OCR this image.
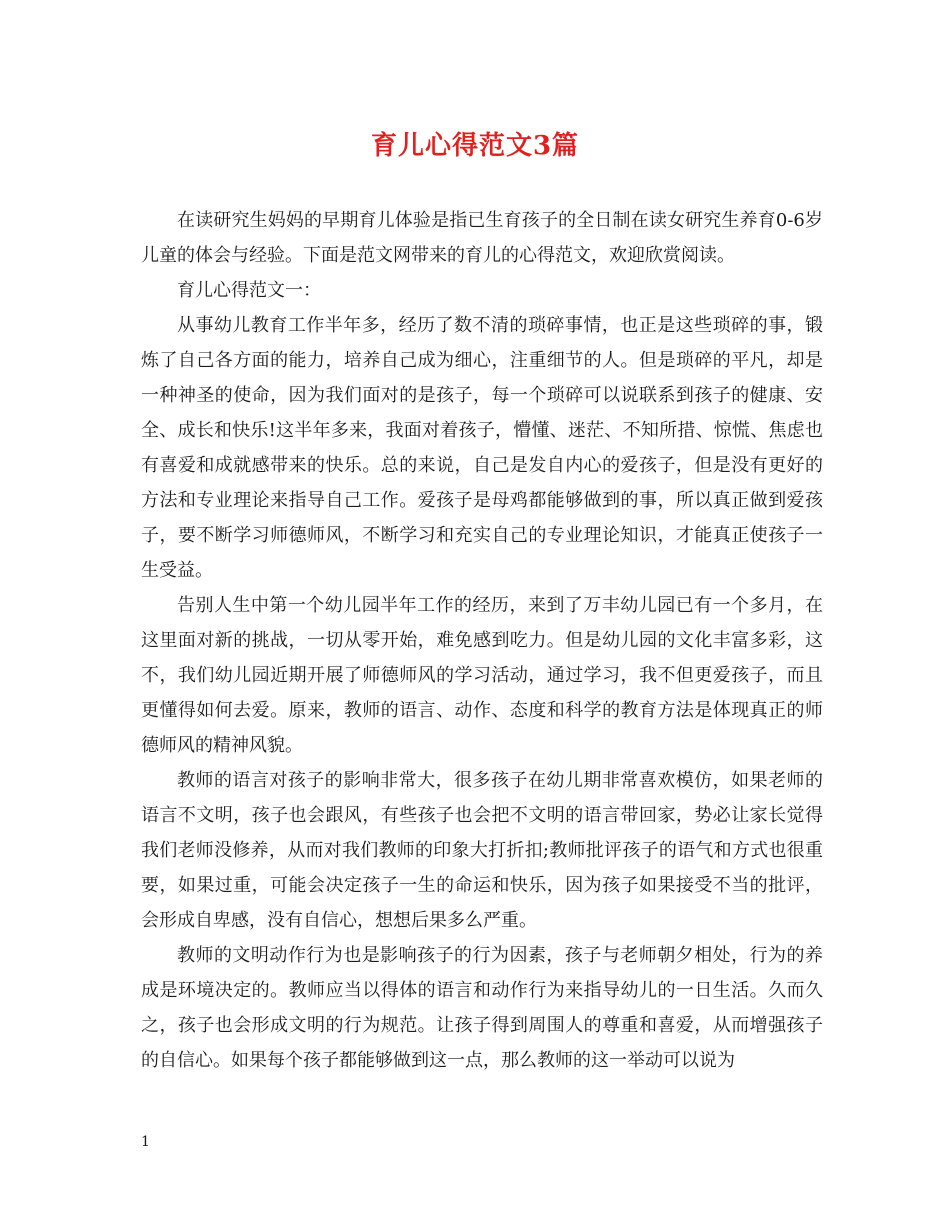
育儿心得范文3篇

在读研究生妈妈的早期育儿体验是指已生育孩子的全日制在读女研究生养育0-6岁儿童的体会与经验。下面是范文网带来的育儿的心得范文，欢迎欣赏阅读。

育儿心得范文一：

从事幼儿教育工作半年多，经历了数不清的琐碎事情，也正是这些琐碎的事，锻炼了自己各方面的能力，培养自己成为细心，注重细节的人。但是琐碎的平凡，却是一种神圣的使命，因为我们面对的是孩子，每一个琐碎可以说联系到孩子的健康、安全、成长和快乐!这半年多来，我面对着孩子，懵懂、迷茫、不知所措、惊慌、焦虑也有喜爱和成就感带来的快乐。总的来说，自己是发自内心的爱孩子，但是没有更好的方法和专业理论来指导自己工作。爱孩子是母鸡都能够做到的事，所以真正做到爱孩子，要不断学习师德师风，不断学习和充实自己的专业理论知识，才能真正使孩子一生受益。

告别人生中第一个幼儿园半年工作的经历，来到了万丰幼儿园已有一个多月，在这里面对新的挑战，一切从零开始，难免感到吃力。但是幼儿园的文化丰富多彩，这不，我们幼儿园近期开展了师德师风的学习活动，通过学习，我不但更爱孩子，而且更懂得如何去爱。原来，教师的语言、动作、态度和科学的教育方法是体现真正的师德师风的精神风貌。

教师的语言对孩子的影响非常大，很多孩子在幼儿期非常喜欢模仿，如果老师的语言不文明，孩子也会跟风，有些孩子也会把不文明的语言带回家，势必让家长觉得我们老师没修养，从而对我们教师的印象大打折扣;教师批评孩子的语气和方式也很重要，如果过重，可能会决定孩子一生的命运和快乐，因为孩子如果接受不当的批评，会形成自卑感，没有自信心，想想后果多么严重。

教师的文明动作行为也是影响孩子的行为因素，孩子与老师朝夕相处，行为的养成是环境决定的。教师应当以得体的语言和动作行为来指导幼儿的一日生活。久而久之，孩子也会形成文明的行为规范。让孩子得到周围人的尊重和喜爱，从而增强孩子的自信心。如果每个孩子都能够做到这一点，那么教师的这一举动可以说为

1
